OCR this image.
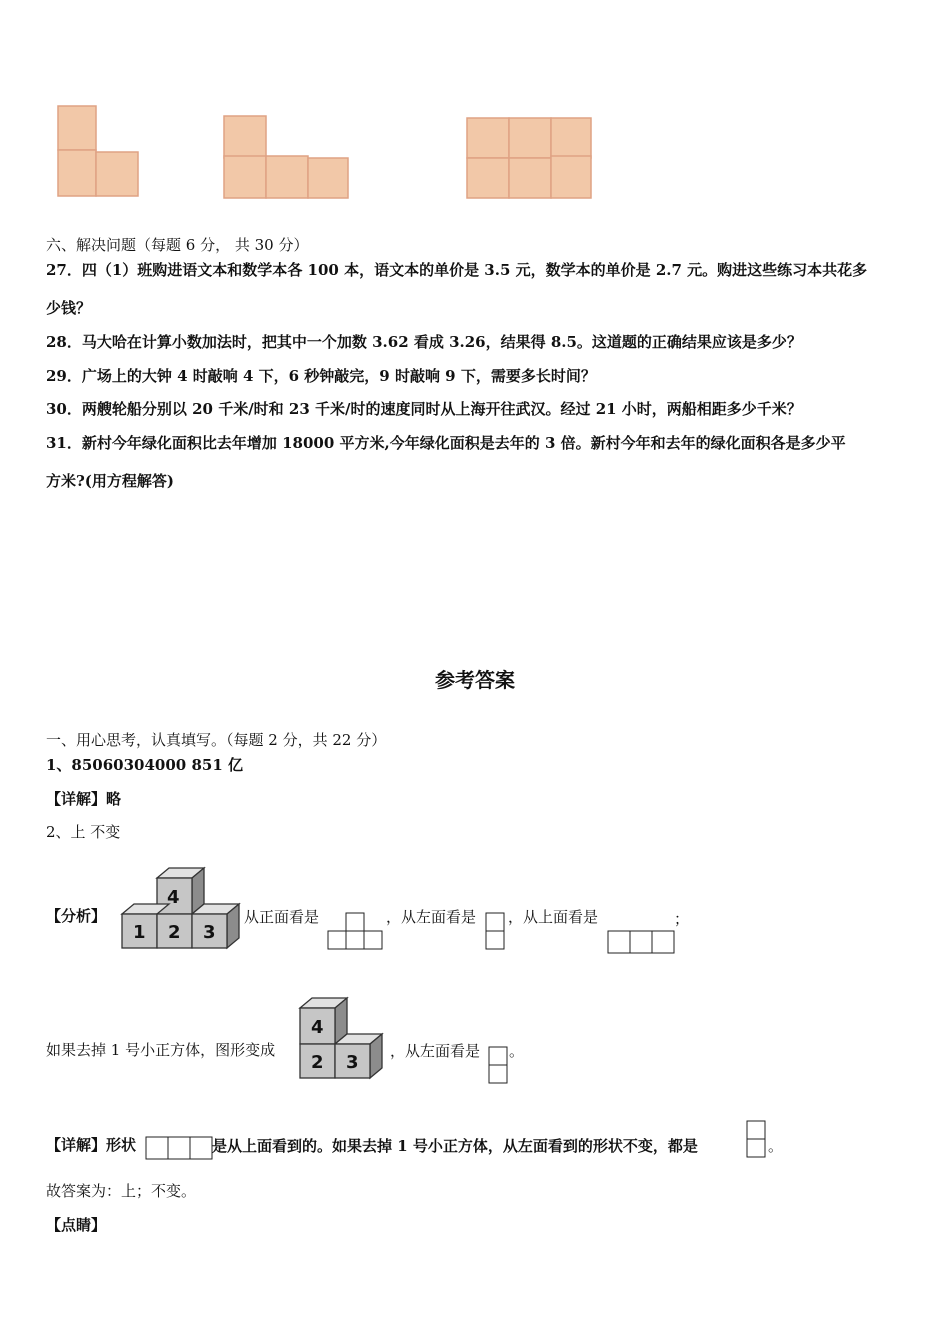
六、解决问题（每题 6 分， 共 30 分）
27．四（1）班购进语文本和数学本各 100 本，语文本的单价是 3.5 元，数学本的单价是 2.7 元。购进这些练习本共花多
少钱？
28．马大哈在计算小数加法时，把其中一个加数 3.62 看成 3.26，结果得 8.5。这道题的正确结果应该是多少？
29．广场上的大钟 4 时敲响 4 下，6 秒钟敲完，9 时敲响 9 下，需要多长时间？
30．两艘轮船分别以 20 千米/时和 23 千米/时的速度同时从上海开往武汉。经过 21 小时，两船相距多少千米？
31．新村今年绿化面积比去年增加 18000 平方米,今年绿化面积是去年的 3 倍。新村今年和去年的绿化面积各是多少平
方米?(用方程解答)
参考答案
一、用心思考，认真填写。（每题 2 分，共 22 分）
1、85060304000 851 亿
【详解】略
2、上 不变
【分析】
4
1 2 3
从正面看是	，从左面看是 ，从上面看是	；
如果去掉 1 号小正方体，图形变成
4
2 3
，从左面看是 。
【详解】形状	是从上面看到的。如果去掉 1 号小正方体，从左面看到的形状不变，都是	。
故答案为：上；不变。
【点睛】
